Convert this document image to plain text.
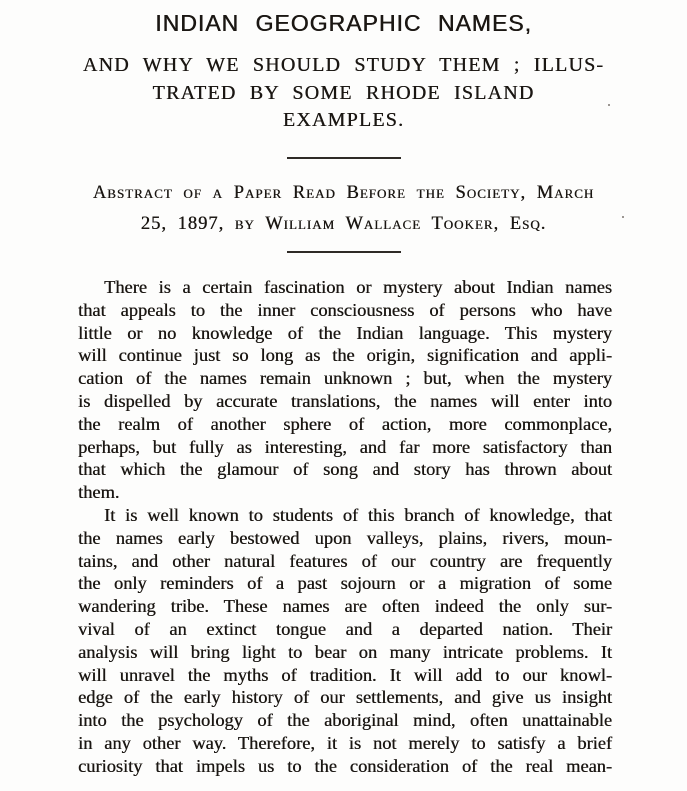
INDIAN GEOGRAPHIC NAMES,
AND WHY WE SHOULD STUDY THEM ; ILLUS-
TRATED BY SOME RHODE ISLAND
EXAMPLES.
Abstract of a Paper Read Before the Society, March
25, 1897, by William Wallace Tooker, Esq.
There is a certain fascination or mystery about Indian names
that appeals to the inner consciousness of persons who have
little or no knowledge of the Indian language. This mystery
will continue just so long as the origin, signification and appli-
cation of the names remain unknown ; but, when the mystery
is dispelled by accurate translations, the names will enter into
the realm of another sphere of action, more commonplace,
perhaps, but fully as interesting, and far more satisfactory than
that which the glamour of song and story has thrown about
them.
It is well known to students of this branch of knowledge, that
the names early bestowed upon valleys, plains, rivers, moun-
tains, and other natural features of our country are frequently
the only reminders of a past sojourn or a migration of some
wandering tribe. These names are often indeed the only sur-
vival of an extinct tongue and a departed nation. Their
analysis will bring light to bear on many intricate problems. It
will unravel the myths of tradition. It will add to our knowl-
edge of the early history of our settlements, and give us insight
into the psychology of the aboriginal mind, often unattainable
in any other way. Therefore, it is not merely to satisfy a brief
curiosity that impels us to the consideration of the real mean-
